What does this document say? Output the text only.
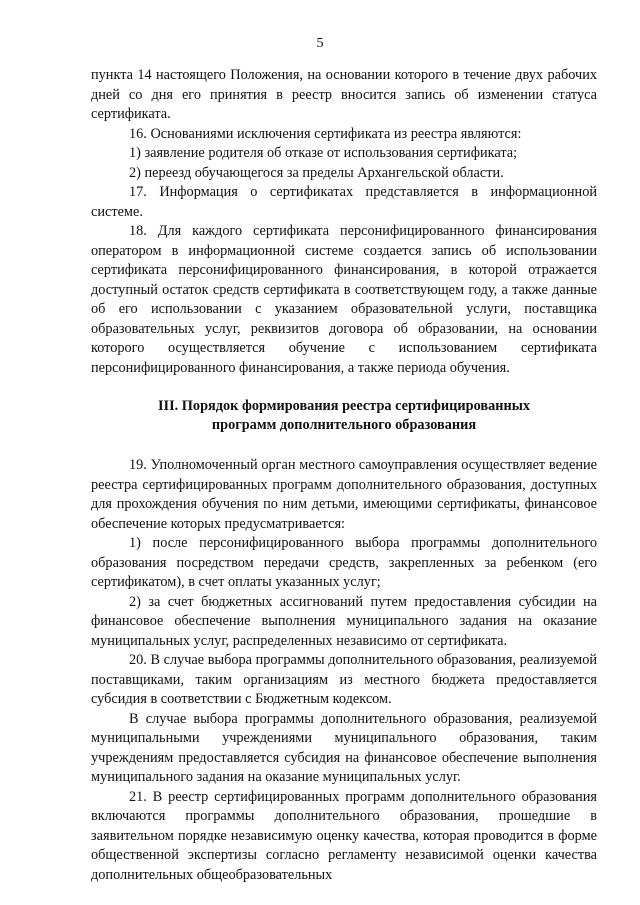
5

пункта 14 настоящего Положения, на основании которого в течение двух рабочих дней со дня его принятия в реестр вносится запись об изменении статуса сертификата.

16. Основаниями исключения сертификата из реестра являются:

1) заявление родителя об отказе от использования сертификата;

2) переезд обучающегося за пределы Архангельской области.

17. Информация о сертификатах представляется в информационной системе.

18. Для каждого сертификата персонифицированного финансирования оператором в информационной системе создается запись об использовании сертификата персонифицированного финансирования, в которой отражается доступный остаток средств сертификата в соответствующем году, а также данные об его использовании с указанием образовательной услуги, поставщика образовательных услуг, реквизитов договора об образовании, на основании которого осуществляется обучение с использованием сертификата персонифицированного финансирования, а также периода обучения.

III. Порядок формирования реестра сертифицированных
программ дополнительного образования

19. Уполномоченный орган местного самоуправления осуществляет ведение реестра сертифицированных программ дополнительного образования, доступных для прохождения обучения по ним детьми, имеющими сертификаты, финансовое обеспечение которых предусматривается:

1) после персонифицированного выбора программы дополнительного образования посредством передачи средств, закрепленных за ребенком (его сертификатом), в счет оплаты указанных услуг;

2) за счет бюджетных ассигнований путем предоставления субсидии на финансовое обеспечение выполнения муниципального задания на оказание муниципальных услуг, распределенных независимо от сертификата.

20. В случае выбора программы дополнительного образования, реализуемой поставщиками, таким организациям из местного бюджета предоставляется субсидия в соответствии с Бюджетным кодексом.

В случае выбора программы дополнительного образования, реализуемой муниципальными учреждениями муниципального образования, таким учреждениям предоставляется субсидия на финансовое обеспечение выполнения муниципального задания на оказание муниципальных услуг.

21. В реестр сертифицированных программ дополнительного образования включаются программы дополнительного образования, прошедшие в заявительном порядке независимую оценку качества, которая проводится в форме общественной экспертизы согласно регламенту независимой оценки качества дополнительных общеобразовательных
